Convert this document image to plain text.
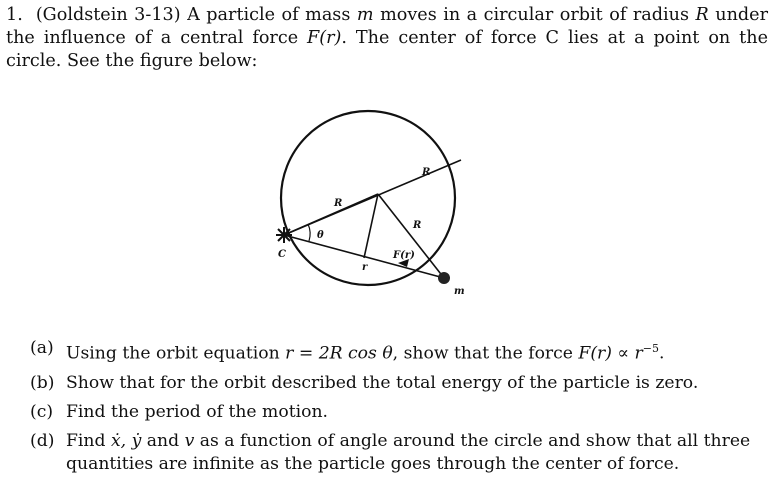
1. (Goldstein 3-13) A particle of mass m moves in a circular orbit of radius R under the influence of a central force F(r). The center of force C lies at a point on the circle. See the figure below:

R
R
R
θ
C
r
F(r)
m
(a) Using the orbit equation r = 2R cos θ, show that the force $F(r) \propto r^{-5}$.
(b) Show that for the orbit described the total energy of the particle is zero.
(c) Find the period of the motion.
(d) Find ẋ, ẏ and v as a function of angle around the circle and show that all three quantities are infinite as the particle goes through the center of force.
